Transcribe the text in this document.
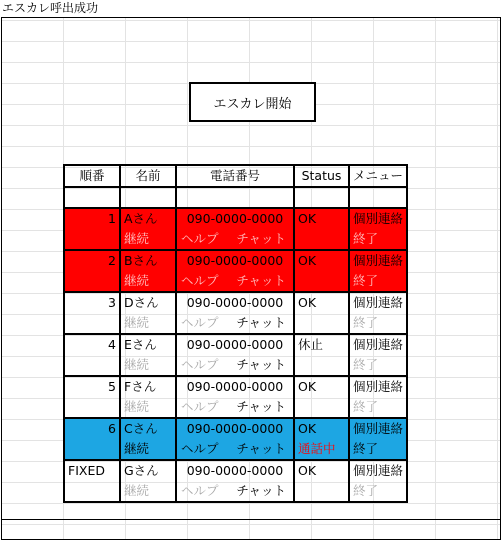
エスカレ呼出成功
エスカレ開始
順番	名前	電話番号	Status	メニュー

1	Aさん	090-0000-0000	OK	個別連絡
	継続	ヘルプ チャット		終了
2	Bさん	090-0000-0000	OK	個別連絡
	継続	ヘルプ チャット		終了
3	Dさん	090-0000-0000	OK	個別連絡
	継続	ヘルプ チャット		終了
4	Eさん	090-0000-0000	休止	個別連絡
	継続	ヘルプ チャット		終了
5	Fさん	090-0000-0000	OK	個別連絡
	継続	ヘルプ チャット		終了
6	Cさん	090-0000-0000	OK	個別連絡
	継続	ヘルプ チャット	通話中	終了
FIXED	Gさん	090-0000-0000	OK	個別連絡
	継続	ヘルプ チャット		終了
